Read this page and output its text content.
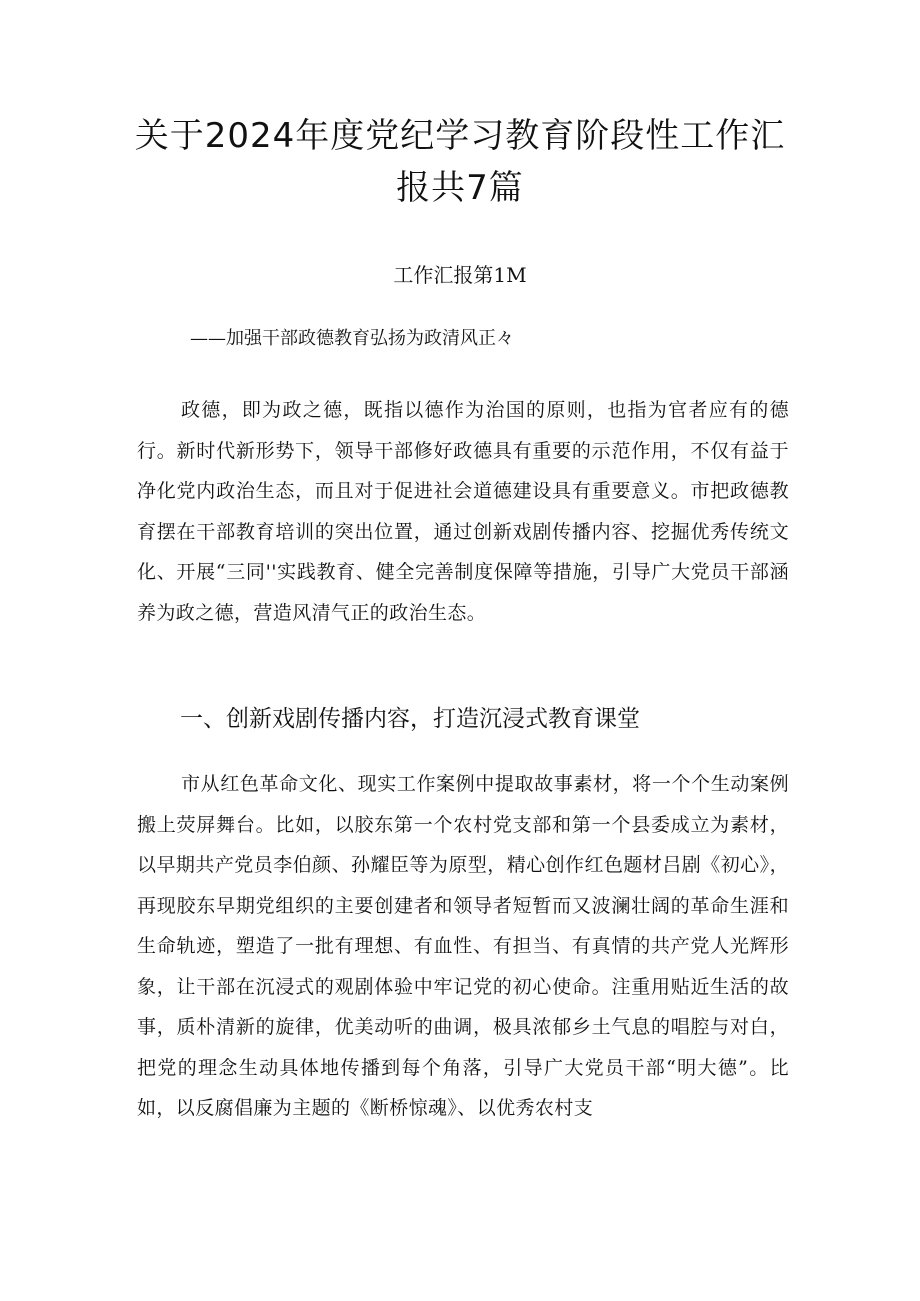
关于2024年度党纪学习教育阶段性工作汇
报共7篇
工作汇报第1M
——加强干部政德教育弘扬为政清风正々

政德，即为政之德，既指以德作为治国的原则，也指为官者应有的德行。新时代新形势下，领导干部修好政德具有重要的示范作用，不仅有益于净化党内政治生态，而且对于促进社会道德建设具有重要意义。市把政德教育摆在干部教育培训的突出位置，通过创新戏剧传播内容、挖掘优秀传统文化、开展“三同''实践教育、健全完善制度保障等措施，引导广大党员干部涵养为政之德，营造风清气正的政治生态。

一、创新戏剧传播内容，打造沉浸式教育课堂

市从红色革命文化、现实工作案例中提取故事素材，将一个个生动案例搬上荧屏舞台。比如，以胶东第一个农村党支部和第一个县委成立为素材，以早期共产党员李伯颜、孙耀臣等为原型，精心创作红色题材吕剧《初心》，再现胶东早期党组织的主要创建者和领导者短暂而又波澜壮阔的革命生涯和生命轨迹，塑造了一批有理想、有血性、有担当、有真情的共产党人光辉形象，让干部在沉浸式的观剧体验中牢记党的初心使命。注重用贴近生活的故事，质朴清新的旋律，优美动听的曲调，极具浓郁乡土气息的唱腔与对白，把党的理念生动具体地传播到每个角落，引导广大党员干部“明大德”。比如，以反腐倡廉为主题的《断桥惊魂》、以优秀农村支
